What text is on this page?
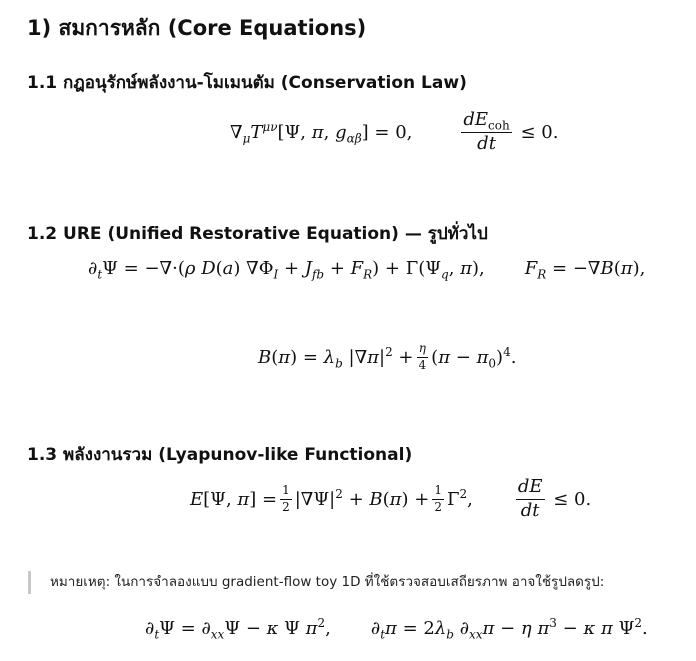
1) สมการหลัก (Core Equations)
1.1 กฎอนุรักษ์พลังงาน-โมเมนตัม (Conservation Law)
$\nabla_\mu T^{\mu\nu}[\Psi$, π, $g_{\alpha\beta}] = 0$,	$\frac{dE_{coh}}{dt} \le 0$.
1.2 URE (Unified Restorative Equation) — รูปทั่วไป
$\partial_t\Psi = -\nabla\cdot(\rho$ D(a) $\nabla\Phi_I + J_{fb} + F_R) + \Gamma(\Psi_q$, π), $F_R = -\nabla B(\pi)$,
$B(\pi) = \lambda_b$ $|\nabla\pi|^2 + \frac{\eta}{4} (\pi - \pi_0)^4$.
1.3 พลังงานรวม (Lyapunov-like Functional)
E[Ψ, $\pi] = \frac{1}{2} |\nabla\Psi|^2 + B(\pi) + \frac{1}{2} \Gamma^2$, $\frac{dE}{dt} \le 0$.
หมายเหตุ: ในการจำลองแบบ gradient-flow toy 1D ที่ใช้ตรวจสอบเสถียรภาพ อาจใช้รูปลดรูป:
$\partial_t\Psi = \partial_{xx}\Psi - \kappa$ Ψ $\pi^2$, $\partial_t\pi = 2\lambda_b$ $\partial_{xx}\pi - \eta$ $\pi^3 - \kappa$ π $\Psi^2$.
